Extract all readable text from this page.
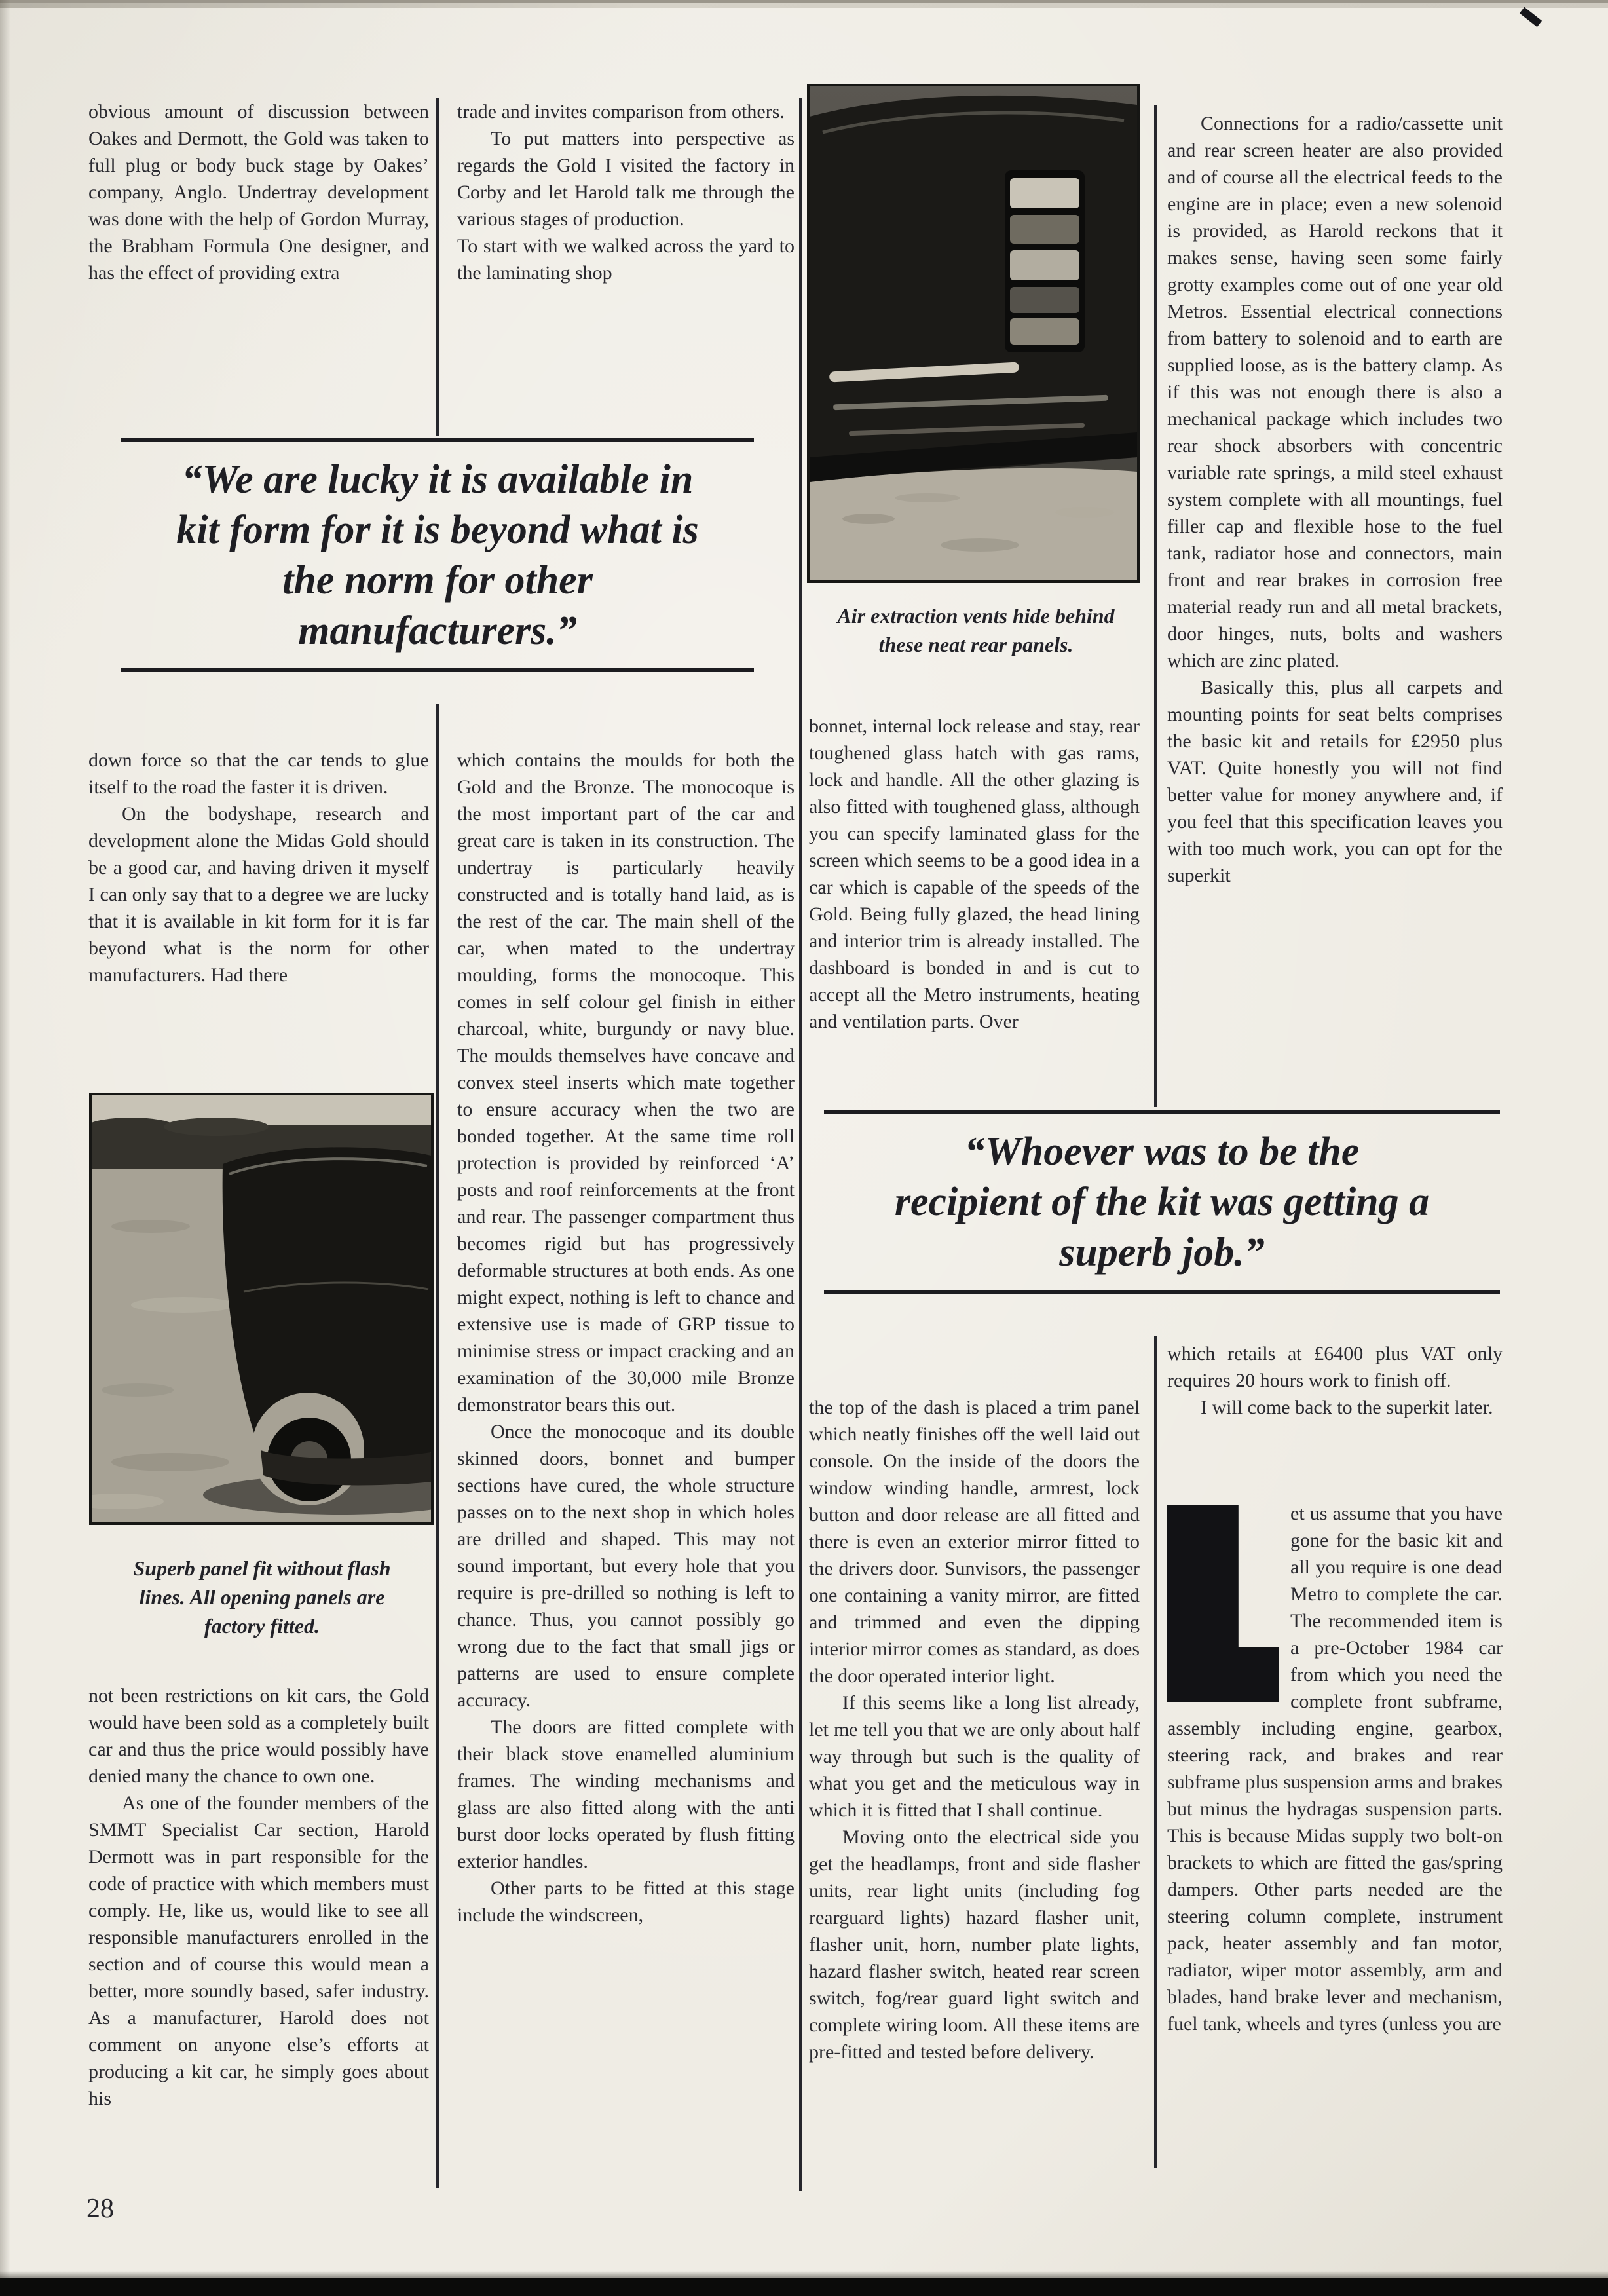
obvious amount of discussion between Oakes and Dermott, the Gold was taken to full plug or body buck stage by Oakes’ company, Anglo. Undertray development was done with the help of Gordon Murray, the Brabham Formula One designer, and has the effect of providing extra

down force so that the car tends to glue itself to the road the faster it is driven.

On the bodyshape, research and development alone the Midas Gold should be a good car, and having driven it myself I can only say that to a degree we are lucky that it is available in kit form for it is far beyond what is the norm for other manufacturers. Had there

Superb panel fit without flash
lines. All opening panels are
factory fitted.

not been restrictions on kit cars, the Gold would have been sold as a completely built car and thus the price would possibly have denied many the chance to own one.

As one of the founder members of the SMMT Specialist Car section, Harold Dermott was in part responsible for the code of practice with which members must comply. He, like us, would like to see all responsible manufacturers enrolled in the section and of course this would mean a better, more soundly based, safer industry. As a manufacturer, Harold does not comment on anyone else’s efforts at producing a kit car, he simply goes about his

trade and invites comparison from others.

To put matters into perspective as regards the Gold I visited the factory in Corby and let Harold talk me through the various stages of production.

To start with we walked across the yard to the laminating shop

which contains the moulds for both the Gold and the Bronze. The monocoque is the most important part of the car and great care is taken in its construction. The undertray is particularly heavily constructed and is totally hand laid, as is the rest of the car. The main shell of the car, when mated to the undertray moulding, forms the monocoque. This comes in self colour gel finish in either charcoal, white, burgundy or navy blue. The moulds themselves have concave and convex steel inserts which mate together to ensure accuracy when the two are bonded together. At the same time roll protection is provided by reinforced ‘A’ posts and roof reinforcements at the front and rear. The passenger compartment thus becomes rigid but has progressively deformable structures at both ends. As one might expect, nothing is left to chance and extensive use is made of GRP tissue to minimise stress or impact cracking and an examination of the 30,000 mile Bronze demonstrator bears this out.

Once the monocoque and its double skinned doors, bonnet and bumper sections have cured, the whole structure passes on to the next shop in which holes are drilled and shaped. This may not sound important, but every hole that you require is pre-drilled so nothing is left to chance. Thus, you cannot possibly go wrong due to the fact that small jigs or patterns are used to ensure complete accuracy.

The doors are fitted complete with their black stove enamelled aluminium frames. The winding mechanisms and glass are also fitted along with the anti burst door locks operated by flush fitting exterior handles.

Other parts to be fitted at this stage include the windscreen,

“We are lucky it is available in
kit form for it is beyond what is
the norm for other
manufacturers.”	Air extraction vents hide behind
these neat rear panels.

bonnet, internal lock release and stay, rear toughened glass hatch with gas rams, lock and handle. All the other glazing is also fitted with toughened glass, although you can specify laminated glass for the screen which seems to be a good idea in a car which is capable of the speeds of the Gold. Being fully glazed, the head lining and interior trim is already installed. The dashboard is bonded in and is cut to accept all the Metro instruments, heating and ventilation parts. Over

“Whoever was to be the
recipient of the kit was getting a
superb job.”

the top of the dash is placed a trim panel which neatly finishes off the well laid out console. On the inside of the doors the window winding handle, armrest, lock button and door release are all fitted and there is even an exterior mirror fitted to the drivers door. Sunvisors, the passenger one containing a vanity mirror, are fitted and trimmed and even the dipping interior mirror comes as standard, as does the door operated interior light.

If this seems like a long list already, let me tell you that we are only about half way through but such is the quality of what you get and the meticulous way in which it is fitted that I shall continue.

Moving onto the electrical side you get the headlamps, front and side flasher units, rear light units (including fog rearguard lights) hazard flasher unit, flasher unit, horn, number plate lights, hazard flasher switch, heated rear screen switch, fog/rear guard light switch and complete wiring loom. All these items are pre-fitted and tested before delivery.

Connections for a radio/cassette unit and rear screen heater are also provided and of course all the electrical feeds to the engine are in place; even a new solenoid is provided, as Harold reckons that it makes sense, having seen some fairly grotty examples come out of one year old Metros. Essential electrical connections from battery to solenoid and to earth are supplied loose, as is the battery clamp. As if this was not enough there is also a mechanical package which includes two rear shock absorbers with concentric variable rate springs, a mild steel exhaust system complete with all mountings, fuel filler cap and flexible hose to the fuel tank, radiator hose and connectors, main front and rear brakes in corrosion free material ready run and all metal brackets, door hinges, nuts, bolts and washers which are zinc plated.

Basically this, plus all carpets and mounting points for seat belts comprises the basic kit and retails for £2950 plus VAT. Quite honestly you will not find better value for money anywhere and, if you feel that this specification leaves you with too much work, you can opt for the superkit

which retails at £6400 plus VAT only requires 20 hours work to finish off.

I will come back to the superkit later.

et us assume that you have gone for the basic kit and all you require is one dead Metro to complete the car. The recommended item is a pre-October 1984 car from which you need the complete front subframe, assembly including engine, gearbox, steering rack, and brakes and rear subframe plus suspension arms and brakes but minus the hydragas suspension parts. This is because Midas supply two bolt-on brackets to which are fitted the gas/spring dampers. Other parts needed are the steering column complete, instrument pack, heater assembly and fan motor, radiator, wiper motor assembly, arm and blades, hand brake lever and mechanism, fuel tank, wheels and tyres (unless you are

28
